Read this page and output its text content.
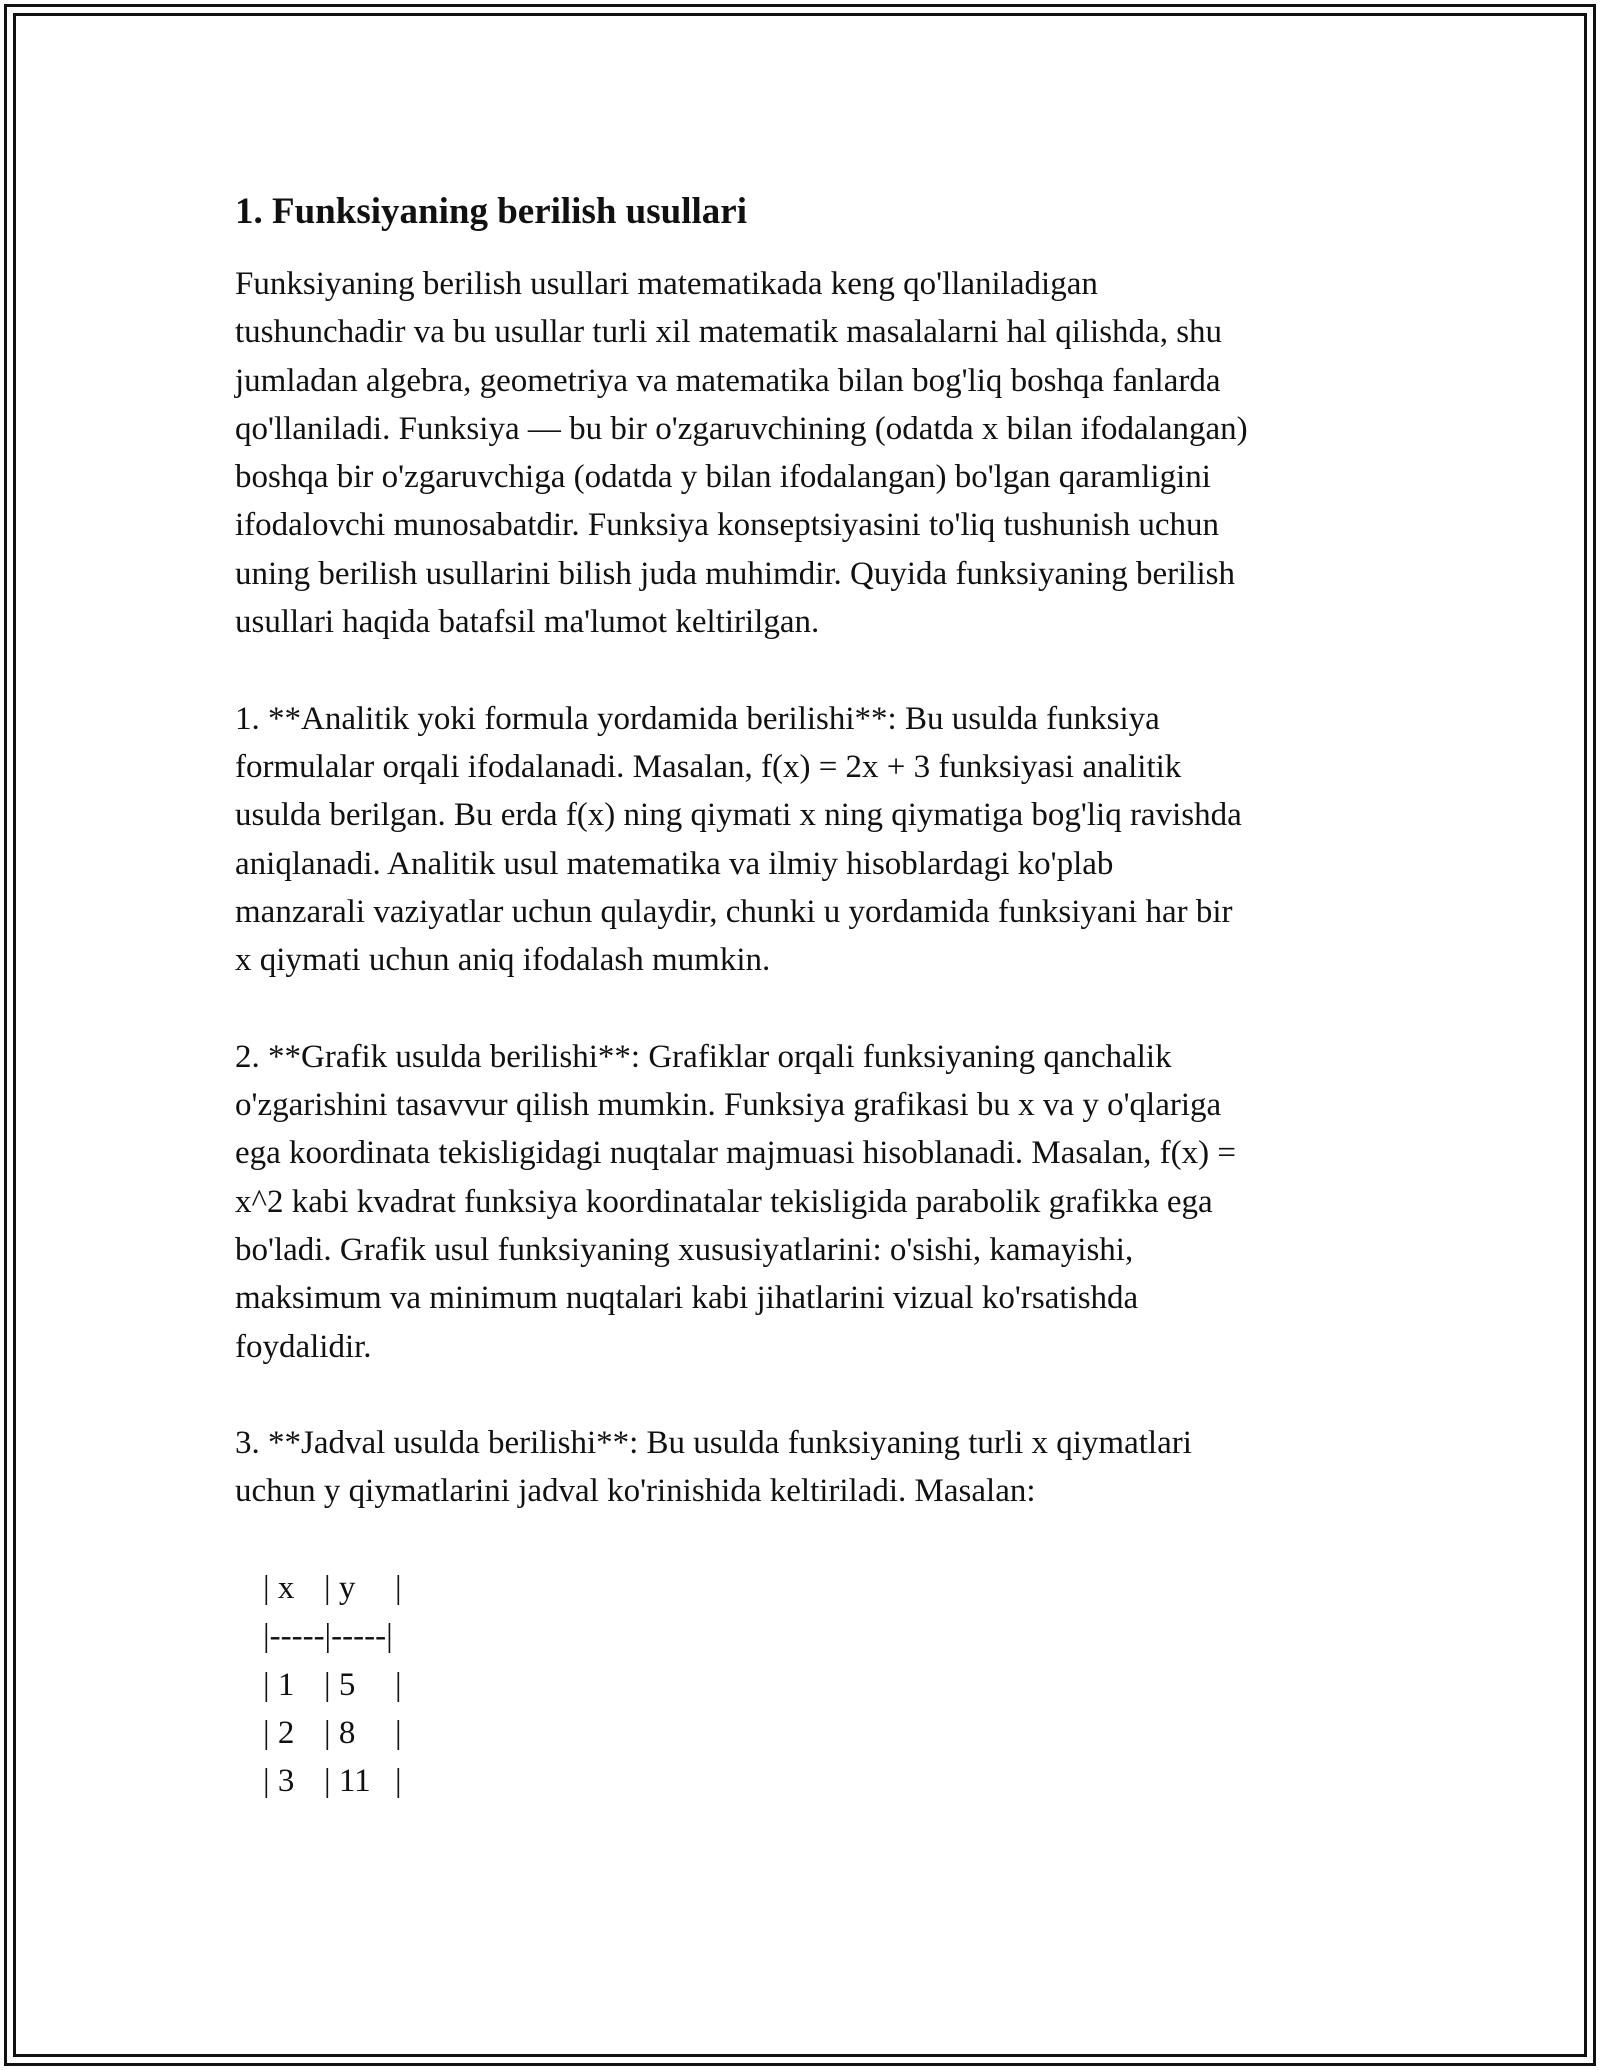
1. Funksiyaning berilish usullari
Funksiyaning berilish usullari matematikada keng qo'llaniladigan
tushunchadir va bu usullar turli xil matematik masalalarni hal qilishda, shu
jumladan algebra, geometriya va matematika bilan bog'liq boshqa fanlarda
qo'llaniladi. Funksiya — bu bir o'zgaruvchining (odatda x bilan ifodalangan)
boshqa bir o'zgaruvchiga (odatda y bilan ifodalangan) bo'lgan qaramligini
ifodalovchi munosabatdir. Funksiya konseptsiyasini to'liq tushunish uchun
uning berilish usullarini bilish juda muhimdir. Quyida funksiyaning berilish
usullari haqida batafsil ma'lumot keltirilgan.
1. **Analitik yoki formula yordamida berilishi**: Bu usulda funksiya
formulalar orqali ifodalanadi. Masalan, f(x) = 2x + 3 funksiyasi analitik
usulda berilgan. Bu erda f(x) ning qiymati x ning qiymatiga bog'liq ravishda
aniqlanadi. Analitik usul matematika va ilmiy hisoblardagi ko'plab
manzarali vaziyatlar uchun qulaydir, chunki u yordamida funksiyani har bir
x qiymati uchun aniq ifodalash mumkin.
2. **Grafik usulda berilishi**: Grafiklar orqali funksiyaning qanchalik
o'zgarishini tasavvur qilish mumkin. Funksiya grafikasi bu x va y o'qlariga
ega koordinata tekisligidagi nuqtalar majmuasi hisoblanadi. Masalan, f(x) =
x^2 kabi kvadrat funksiya koordinatalar tekisligida parabolik grafikka ega
bo'ladi. Grafik usul funksiyaning xususiyatlarini: o'sishi, kamayishi,
maksimum va minimum nuqtalari kabi jihatlarini vizual ko'rsatishda
foydalidir.
3. **Jadval usulda berilishi**: Bu usulda funksiyaning turli x qiymatlari
uchun y qiymatlarini jadval ko'rinishida keltiriladi. Masalan:
| x | y |
|-----|-----|
| 1 | 5 |
| 2 | 8 |
| 3 | 11 |
